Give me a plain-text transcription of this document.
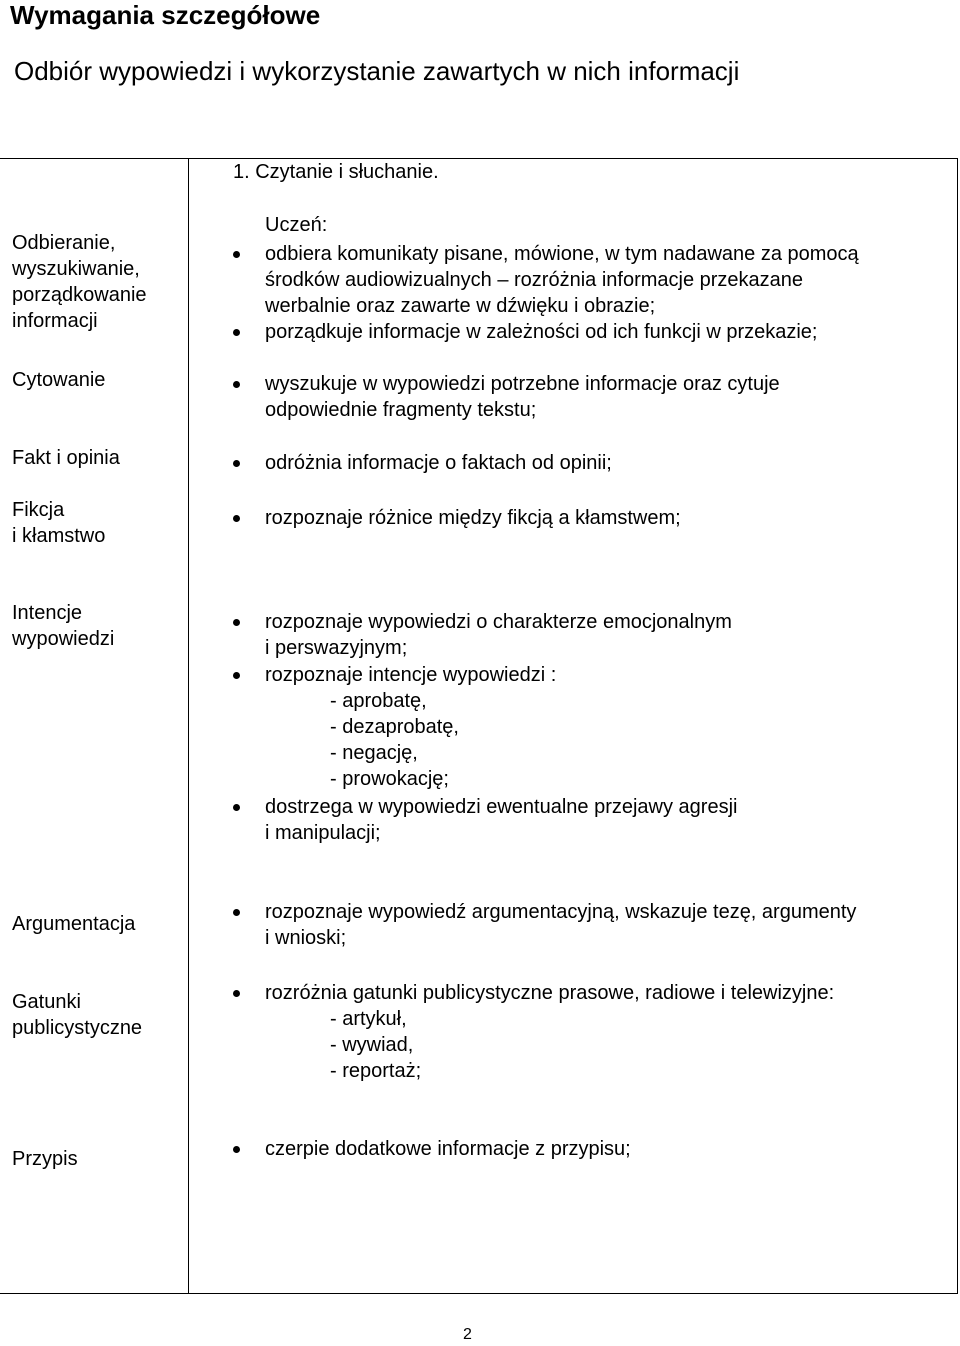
Wymagania szczegółowe
Odbiór wypowiedzi i wykorzystanie zawartych w nich informacji
1. Czytanie i słuchanie.
Odbieranie,
wyszukiwanie,
porządkowanie
informacji
Cytowanie
Fakt i opinia
Fikcja
i kłamstwo
Uczeń:
odbiera komunikaty pisane, mówione, w tym nadawane za pomocą
środków audiowizualnych – rozróżnia informacje przekazane
werbalnie oraz zawarte w dźwięku i obrazie;
porządkuje informacje w zależności od ich funkcji w przekazie;
wyszukuje w wypowiedzi potrzebne informacje oraz cytuje
odpowiednie fragmenty tekstu;
odróżnia informacje o faktach od opinii;
rozpoznaje różnice między fikcją a kłamstwem;
Intencje
wypowiedzi
rozpoznaje wypowiedzi o charakterze emocjonalnym
i perswazyjnym;
rozpoznaje intencje wypowiedzi :
- aprobatę,
- dezaprobatę,
- negację,
- prowokację;
dostrzega w wypowiedzi ewentualne przejawy agresji
i manipulacji;
Argumentacja
Gatunki
publicystyczne
rozpoznaje wypowiedź argumentacyjną, wskazuje tezę, argumenty
i wnioski;
rozróżnia gatunki publicystyczne prasowe, radiowe i telewizyjne:
- artykuł,
- wywiad,
- reportaż;
Przypis	czerpie dodatkowe informacje z przypisu;
2
